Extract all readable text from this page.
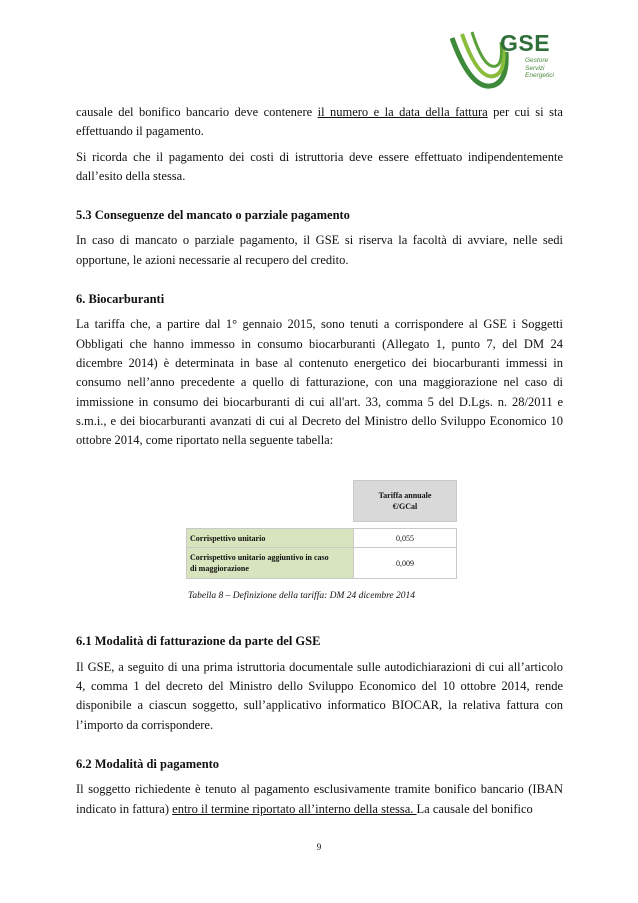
GSE
Gestore
Servizi
Energetici

causale del bonifico bancario deve contenere il numero e la data della fattura per cui si sta effettuando il pagamento.

Si ricorda che il pagamento dei costi di istruttoria deve essere effettuato indipendentemente dall’esito della stessa.

5.3 Conseguenze del mancato o parziale pagamento

In caso di mancato o parziale pagamento, il GSE si riserva la facoltà di avviare, nelle sedi opportune, le azioni necessarie al recupero del credito.

6. Biocarburanti

La tariffa che, a partire dal 1° gennaio 2015, sono tenuti a corrispondere al GSE i Soggetti Obbligati che hanno immesso in consumo biocarburanti (Allegato 1, punto 7, del DM 24 dicembre 2014) è determinata in base al contenuto energetico dei biocarburanti immessi in consumo nell’anno precedente a quello di fatturazione, con una maggiorazione nel caso di immissione in consumo dei biocarburanti di cui all'art. 33, comma 5 del D.Lgs. n. 28/2011 e s.m.i., e dei biocarburanti avanzati di cui al Decreto del Ministro dello Sviluppo Economico 10 ottobre 2014, come riportato nella seguente tabella:

	Tariffa annuale
€/GCal

Corrispettivo unitario	0,055

Corrispettivo unitario aggiuntivo in caso
di maggiorazione	0,009
Tabella 8 – Definizione della tariffa: DM 24 dicembre 2014
6.1 Modalità di fatturazione da parte del GSE

Il GSE, a seguito di una prima istruttoria documentale sulle autodichiarazioni di cui all’articolo 4, comma 1 del decreto del Ministro dello Sviluppo Economico del 10 ottobre 2014, rende disponibile a ciascun soggetto, sull’applicativo informatico BIOCAR, la relativa fattura con l’importo da corrispondere.

6.2 Modalità di pagamento

Il soggetto richiedente è tenuto al pagamento esclusivamente tramite bonifico bancario (IBAN indicato in fattura) entro il termine riportato all’interno della stessa. La causale del bonifico

9
